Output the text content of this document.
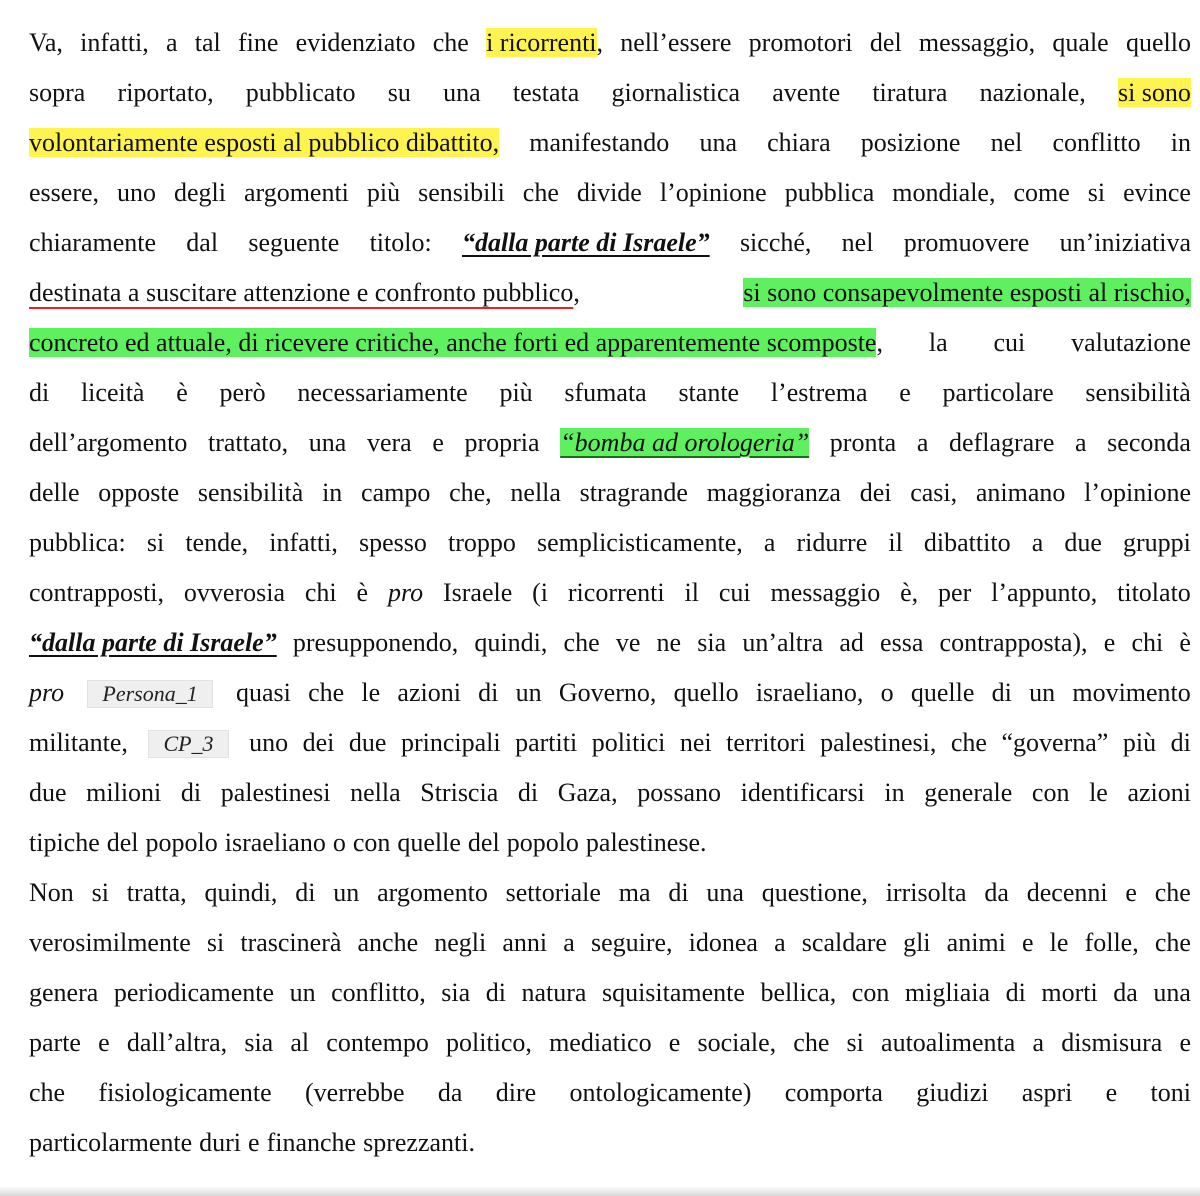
Va, infatti, a tal fine evidenziato che i ricorrenti, nell’essere promotori del messaggio, quale quello
sopra riportato, pubblicato su una testata giornalistica avente tiratura nazionale, si sono
volontariamente esposti al pubblico dibattito, manifestando una chiara posizione nel conflitto in
essere, uno degli argomenti più sensibili che divide l’opinione pubblica mondiale, come si evince
chiaramente dal seguente titolo: “dalla parte di Israele” sicché, nel promuovere un’iniziativa
destinata a suscitare attenzione e confronto pubblico,	si sono consapevolmente esposti al rischio,
concreto ed attuale, di ricevere critiche, anche forti ed apparentemente scomposte, la cui valutazione
di liceità è però necessariamente più sfumata stante l’estrema e particolare sensibilità
dell’argomento trattato, una vera e propria “bomba ad orologeria” pronta a deflagrare a seconda
delle opposte sensibilità in campo che, nella stragrande maggioranza dei casi, animano l’opinione
pubblica: si tende, infatti, spesso troppo semplicisticamente, a ridurre il dibattito a due gruppi
contrapposti, ovverosia chi è pro Israele (i ricorrenti il cui messaggio è, per l’appunto, titolato
“dalla parte di Israele” presupponendo, quindi, che ve ne sia un’altra ad essa contrapposta), e chi è
pro	Persona_1	quasi che le azioni di un Governo, quello israeliano, o quelle di un movimento
militante,	CP_3	uno dei due principali partiti politici nei territori palestinesi, che “governa” più di
due milioni di palestinesi nella Striscia di Gaza, possano identificarsi in generale con le azioni
tipiche del popolo israeliano o con quelle del popolo palestinese.
Non si tratta, quindi, di un argomento settoriale ma di una questione, irrisolta da decenni e che
verosimilmente si trascinerà anche negli anni a seguire, idonea a scaldare gli animi e le folle, che
genera periodicamente un conflitto, sia di natura squisitamente bellica, con migliaia di morti da una
parte e dall’altra, sia al contempo politico, mediatico e sociale, che si autoalimenta a dismisura e
che fisiologicamente (verrebbe da dire ontologicamente) comporta giudizi aspri e toni
particolarmente duri e finanche sprezzanti.
